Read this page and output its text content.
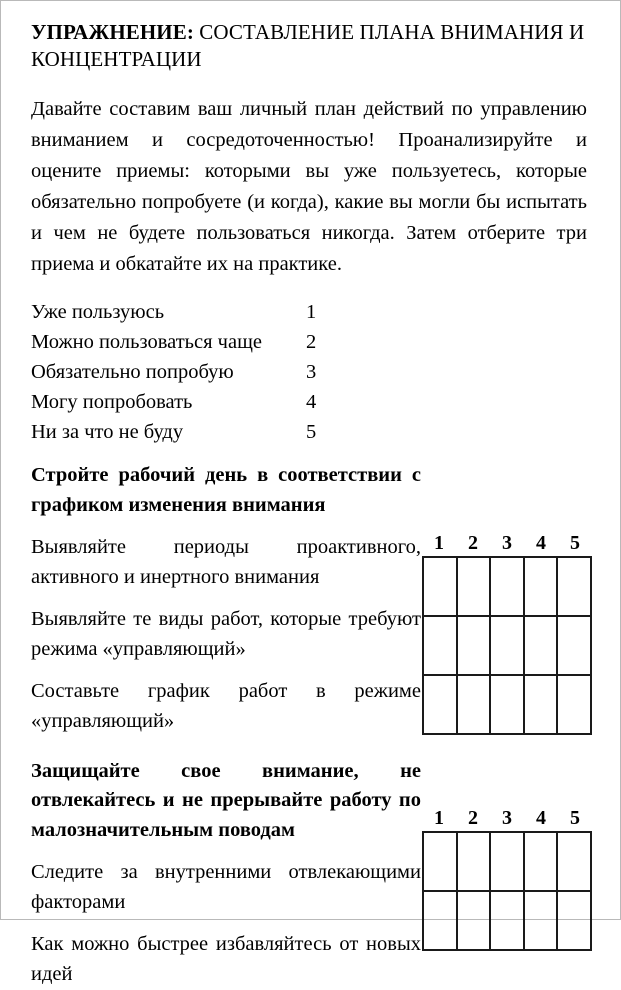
УПРАЖНЕНИЕ: СОСТАВЛЕНИЕ ПЛАНА ВНИМАНИЯ И КОНЦЕНТРАЦИИ

Давайте составим ваш личный план действий по управлению вниманием и сосредоточенностью! Проанализируйте и оцените приемы: которыми вы уже пользуетесь, которые обязательно попробуете (и когда), какие вы могли бы испытать и чем не будете пользоваться никогда. Затем отберите три приема и обкатайте их на практике.

Уже пользуюсь	1
Можно пользоваться чаще	2
Обязательно попробую	3
Могу попробовать	4
Ни за что не буду	5

Стройте рабочий день в соответствии с графиком изменения внимания

Выявляйте периоды проактивного, активного и инертного внимания

Выявляйте те виды работ, которые требуют режима «управляющий»

Составьте график работ в режиме «управляющий»

1	2	3	4	5

Защищайте свое внимание, не отвлекайтесь и не прерывайте работу по малозначительным поводам

Следите за внутренними отвлекающими факторами

Как можно быстрее избавляйтесь от новых идей

1	2	3	4	5
